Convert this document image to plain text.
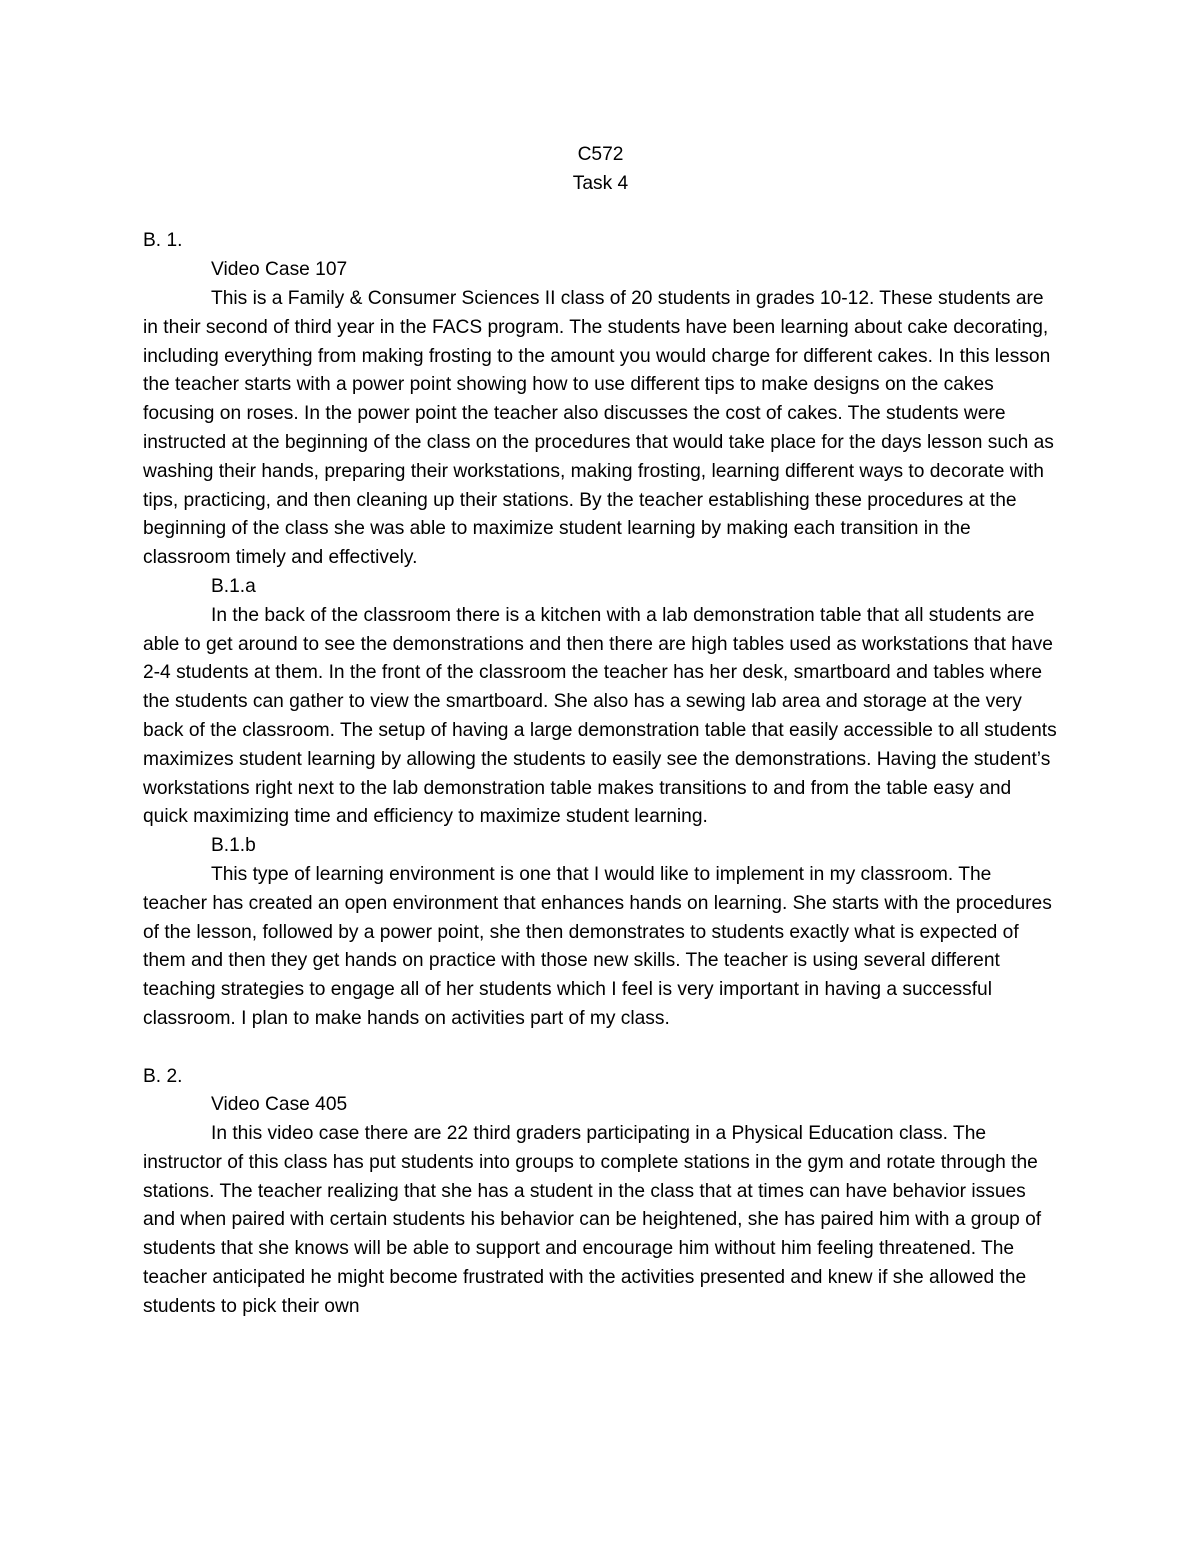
C572
Task 4

B. 1.

Video Case 107

This is a Family & Consumer Sciences II class of 20 students in grades 10-12. These students are in their second of third year in the FACS program. The students have been learning about cake decorating, including everything from making frosting to the amount you would charge for different cakes. In this lesson the teacher starts with a power point showing how to use different tips to make designs on the cakes focusing on roses. In the power point the teacher also discusses the cost of cakes. The students were instructed at the beginning of the class on the procedures that would take place for the days lesson such as washing their hands, preparing their workstations, making frosting, learning different ways to decorate with tips, practicing, and then cleaning up their stations. By the teacher establishing these procedures at the beginning of the class she was able to maximize student learning by making each transition in the classroom timely and effectively.

B.1.a

In the back of the classroom there is a kitchen with a lab demonstration table that all students are able to get around to see the demonstrations and then there are high tables used as workstations that have 2-4 students at them. In the front of the classroom the teacher has her desk, smartboard and tables where the students can gather to view the smartboard. She also has a sewing lab area and storage at the very back of the classroom. The setup of having a large demonstration table that easily accessible to all students maximizes student learning by allowing the students to easily see the demonstrations. Having the student’s workstations right next to the lab demonstration table makes transitions to and from the table easy and quick maximizing time and efficiency to maximize student learning.

B.1.b

This type of learning environment is one that I would like to implement in my classroom. The teacher has created an open environment that enhances hands on learning. She starts with the procedures of the lesson, followed by a power point, she then demonstrates to students exactly what is expected of them and then they get hands on practice with those new skills. The teacher is using several different teaching strategies to engage all of her students which I feel is very important in having a successful classroom. I plan to make hands on activities part of my class.

B. 2.

Video Case 405

In this video case there are 22 third graders participating in a Physical Education class. The instructor of this class has put students into groups to complete stations in the gym and rotate through the stations. The teacher realizing that she has a student in the class that at times can have behavior issues and when paired with certain students his behavior can be heightened, she has paired him with a group of students that she knows will be able to support and encourage him without him feeling threatened. The teacher anticipated he might become frustrated with the activities presented and knew if she allowed the students to pick their own
